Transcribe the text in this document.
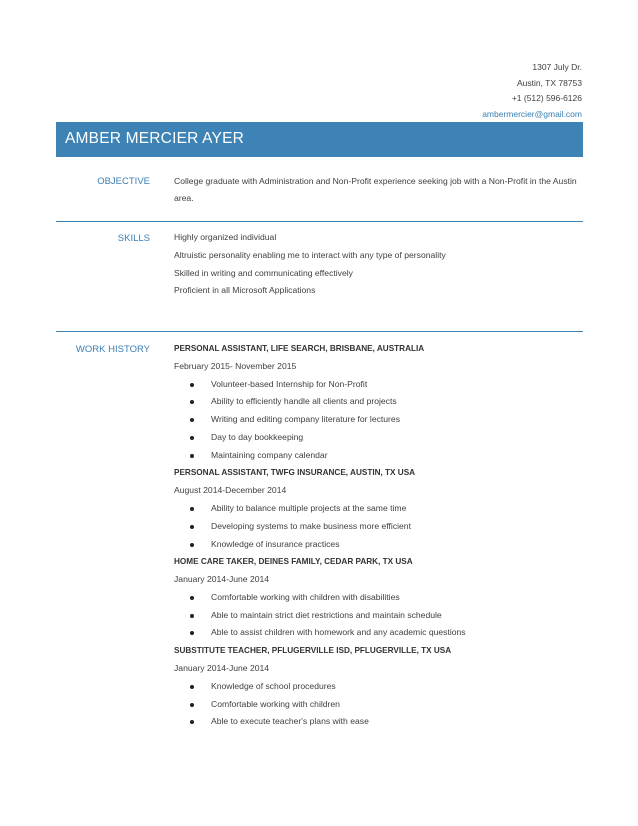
1307 July Dr.
Austin, TX 78753
+1 (512) 596-6126
ambermercier@gmail.com
AMBER MERCIER AYER
OBJECTIVE	College graduate with Administration and Non-Profit experience seeking job with a Non-Profit in the Austin area.
SKILLS	Highly organized individual
Altruistic personality enabling me to interact with any type of personality
Skilled in writing and communicating effectively
Proficient in all Microsoft Applications
WORK HISTORY	PERSONAL ASSISTANT, LIFE SEARCH, BRISBANE, AUSTRALIA
February 2015- November 2015
Volunteer-based Internship for Non-Profit
Ability to efficiently handle all clients and projects
Writing and editing company literature for lectures
Day to day bookkeeping
Maintaining company calendar
PERSONAL ASSISTANT, TWFG INSURANCE, AUSTIN, TX USA
August 2014-December 2014
Ability to balance multiple projects at the same time
Developing systems to make business more efficient
Knowledge of insurance practices
HOME CARE TAKER, DEINES FAMILY, CEDAR PARK, TX USA
January 2014-June 2014
Comfortable working with children with disabilities
Able to maintain strict diet restrictions and maintain schedule
Able to assist children with homework and any academic questions
SUBSTITUTE TEACHER, PFLUGERVILLE ISD, PFLUGERVILLE, TX USA
January 2014-June 2014
Knowledge of school procedures
Comfortable working with children
Able to execute teacher's plans with ease
